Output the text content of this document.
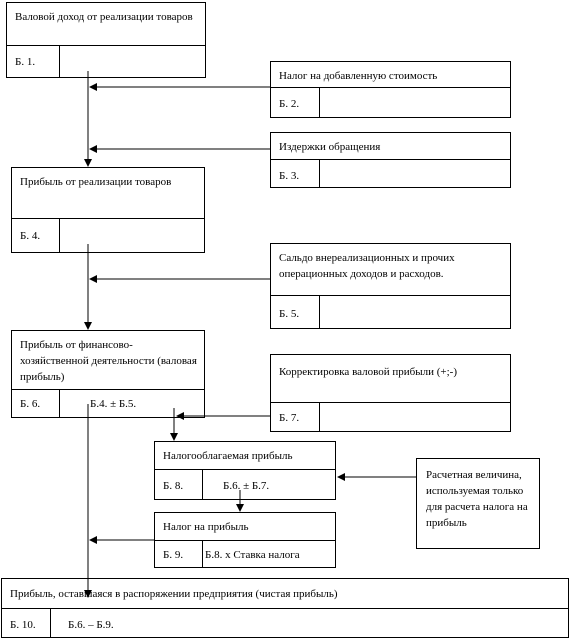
Валовой доход от реализации товаров
Б. 1.
Налог на добавленную стоимость
Б. 2.
Издержки обращения
Б. 3.
Прибыль от реализации товаров
Б. 4.
Сальдо внереализационных и прочих операционных доходов и расходов.
Б. 5.
Прибыль от финансово-хозяйственной деятельности (валовая прибыль)
Б. 6.	Б.4. ± Б.5.
Корректировка валовой прибыли (+;-)
Б. 7.
Налогооблагаемая прибыль
Б. 8.	Б.6. ± Б.7.
Налог на прибыль
Б. 9. Б.8. х Ставка налога
Прибыль, оставшаяся в распоряжении предприятия (чистая прибыль)
Б. 10.	Б.6. – Б.9.
Расчетная величина, используемая только для расчета налога на прибыль
